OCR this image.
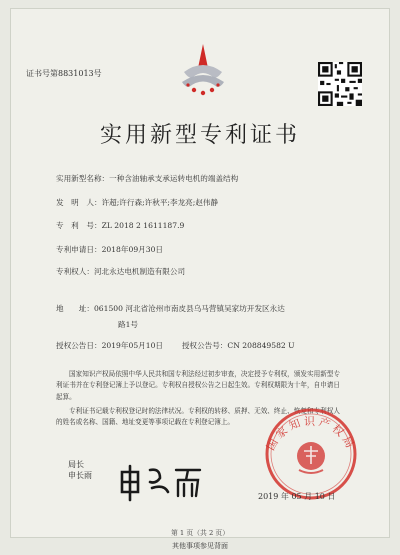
证书号第8831013号
实用新型专利证书
实用新型名称：一种含油轴承支承运转电机的端盖结构
发　明　人：许超;许行森;许秋平;李龙亮;赵伟静
专　利　号：ZL 2018 2 1611187.9
专利申请日：2018年09月30日
专利权人：河北永达电机制造有限公司
地　　址：061500 河北省沧州市南皮县乌马营镇吴家坊开发区永达
路1号
授权公告日：2019年05月10日 授权公告号：CN 208849582 U
国家知识产权局依照中华人民共和国专利法经过初步审查，决定授予专利权，颁发实用新型专利证书并在专利登记簿上予以登记。专利权自授权公告之日起生效。专利权期限为十年，自申请日起算。
专利证书记载专利权登记时的法律状况。专利权的转移、质押、无效、终止、恢复和专利权人的姓名或名称、国籍、地址变更等事项记载在专利登记簿上。
局长
申长雨
国家知识产权局
2019 年 05 月 10 日
第 1 页（共 2 页）
其他事项参见背面
